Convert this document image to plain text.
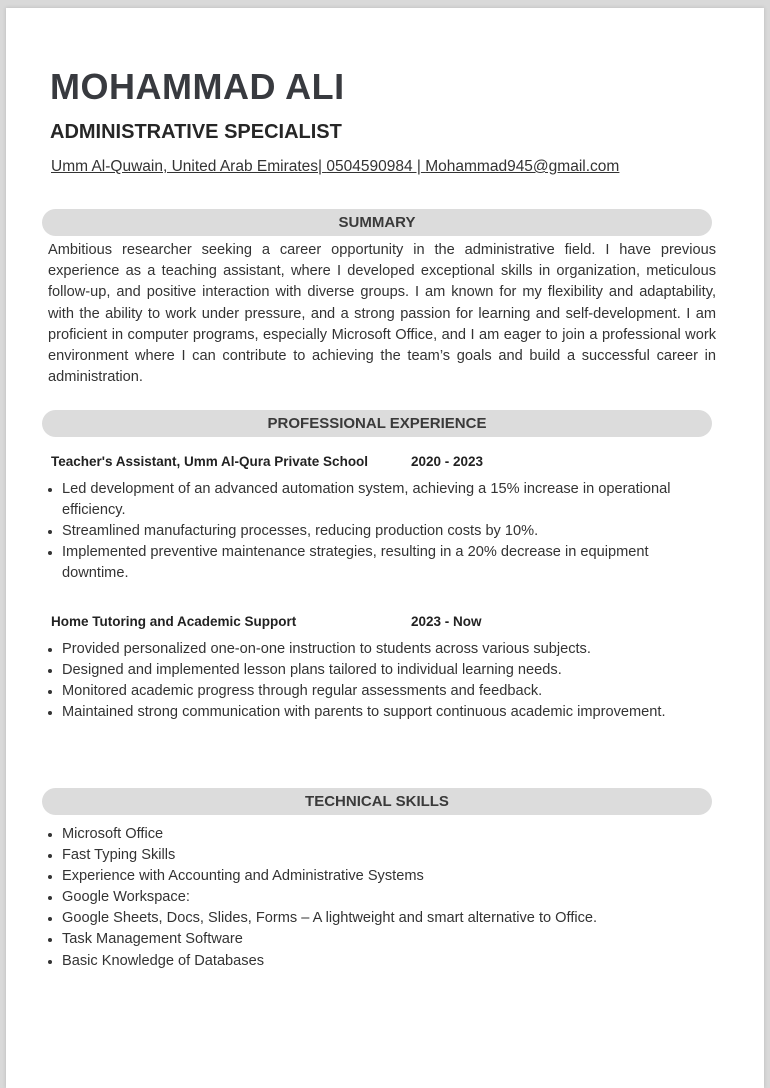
MOHAMMAD ALI
ADMINISTRATIVE SPECIALIST
Umm Al-Quwain, United Arab Emirates| 0504590984 | Mohammad945@gmail.com
SUMMARY

Ambitious researcher seeking a career opportunity in the administrative field. I have previous experience as a teaching assistant, where I developed exceptional skills in organization, meticulous follow-up, and positive interaction with diverse groups. I am known for my flexibility and adaptability, with the ability to work under pressure, and a strong passion for learning and self-development. I am proficient in computer programs, especially Microsoft Office, and I am eager to join a professional work environment where I can contribute to achieving the team’s goals and build a successful career in administration.

PROFESSIONAL EXPERIENCE
Teacher's Assistant, Umm Al-Qura Private School	2020 - 2023
• Led development of an advanced automation system, achieving a 15% increase in operational efficiency.
• Streamlined manufacturing processes, reducing production costs by 10%.
• Implemented preventive maintenance strategies, resulting in a 20% decrease in equipment downtime.
Home Tutoring and Academic Support	2023 - Now
• Provided personalized one-on-one instruction to students across various subjects.
• Designed and implemented lesson plans tailored to individual learning needs.
• Monitored academic progress through regular assessments and feedback.
• Maintained strong communication with parents to support continuous academic improvement.
TECHNICAL SKILLS
• Microsoft Office
• Fast Typing Skills
• Experience with Accounting and Administrative Systems
• Google Workspace:
• Google Sheets, Docs, Slides, Forms – A lightweight and smart alternative to Office.
• Task Management Software
• Basic Knowledge of Databases
